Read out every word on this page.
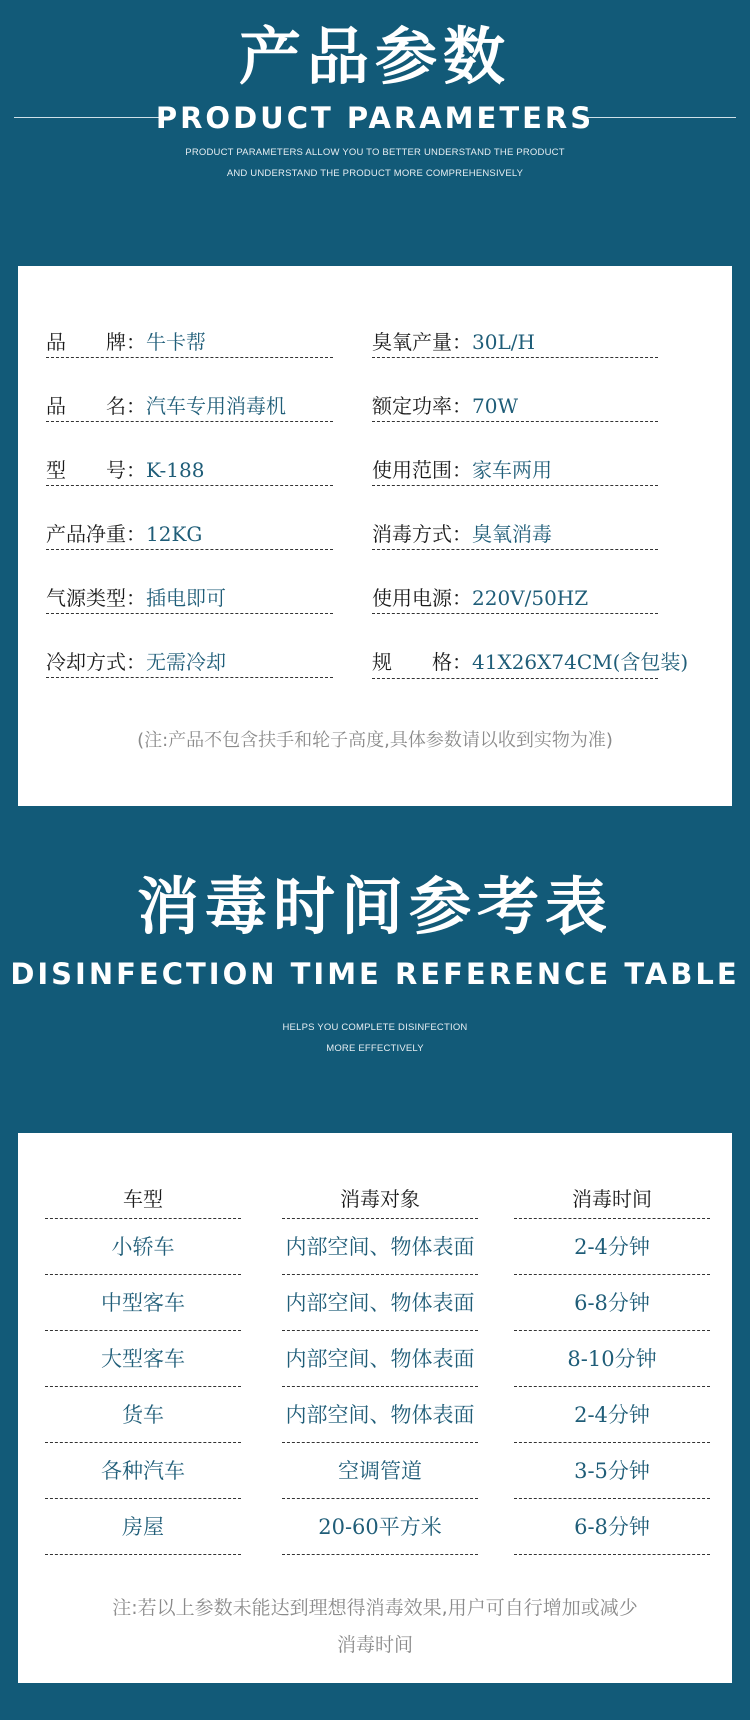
产品参数
PRODUCT PARAMETERS
PRODUCT PARAMETERS ALLOW YOU TO BETTER UNDERSTAND THE PRODUCT
AND UNDERSTAND THE PRODUCT MORE COMPREHENSIVELY
品　　牌：牛卡帮
品　　名：汽车专用消毒机
型　　号：K-188
产品净重：12KG
气源类型：插电即可
冷却方式：无需冷却
臭氧产量：30L/H
额定功率：70W
使用范围：家车两用
消毒方式：臭氧消毒
使用电源：220V/50HZ
规　　格：41X26X74CM(含包装)
(注:产品不包含扶手和轮子高度,具体参数请以收到实物为准)
消毒时间参考表
DISINFECTION TIME REFERENCE TABLE
HELPS YOU COMPLETE DISINFECTION
MORE EFFECTIVELY
车型	消毒对象	消毒时间
小轿车	内部空间、物体表面	2-4分钟
中型客车	内部空间、物体表面	6-8分钟
大型客车	内部空间、物体表面	8-10分钟
货车	内部空间、物体表面	2-4分钟
各种汽车	空调管道	3-5分钟
房屋	20-60平方米	6-8分钟
注:若以上参数未能达到理想得消毒效果,用户可自行增加或减少
消毒时间
